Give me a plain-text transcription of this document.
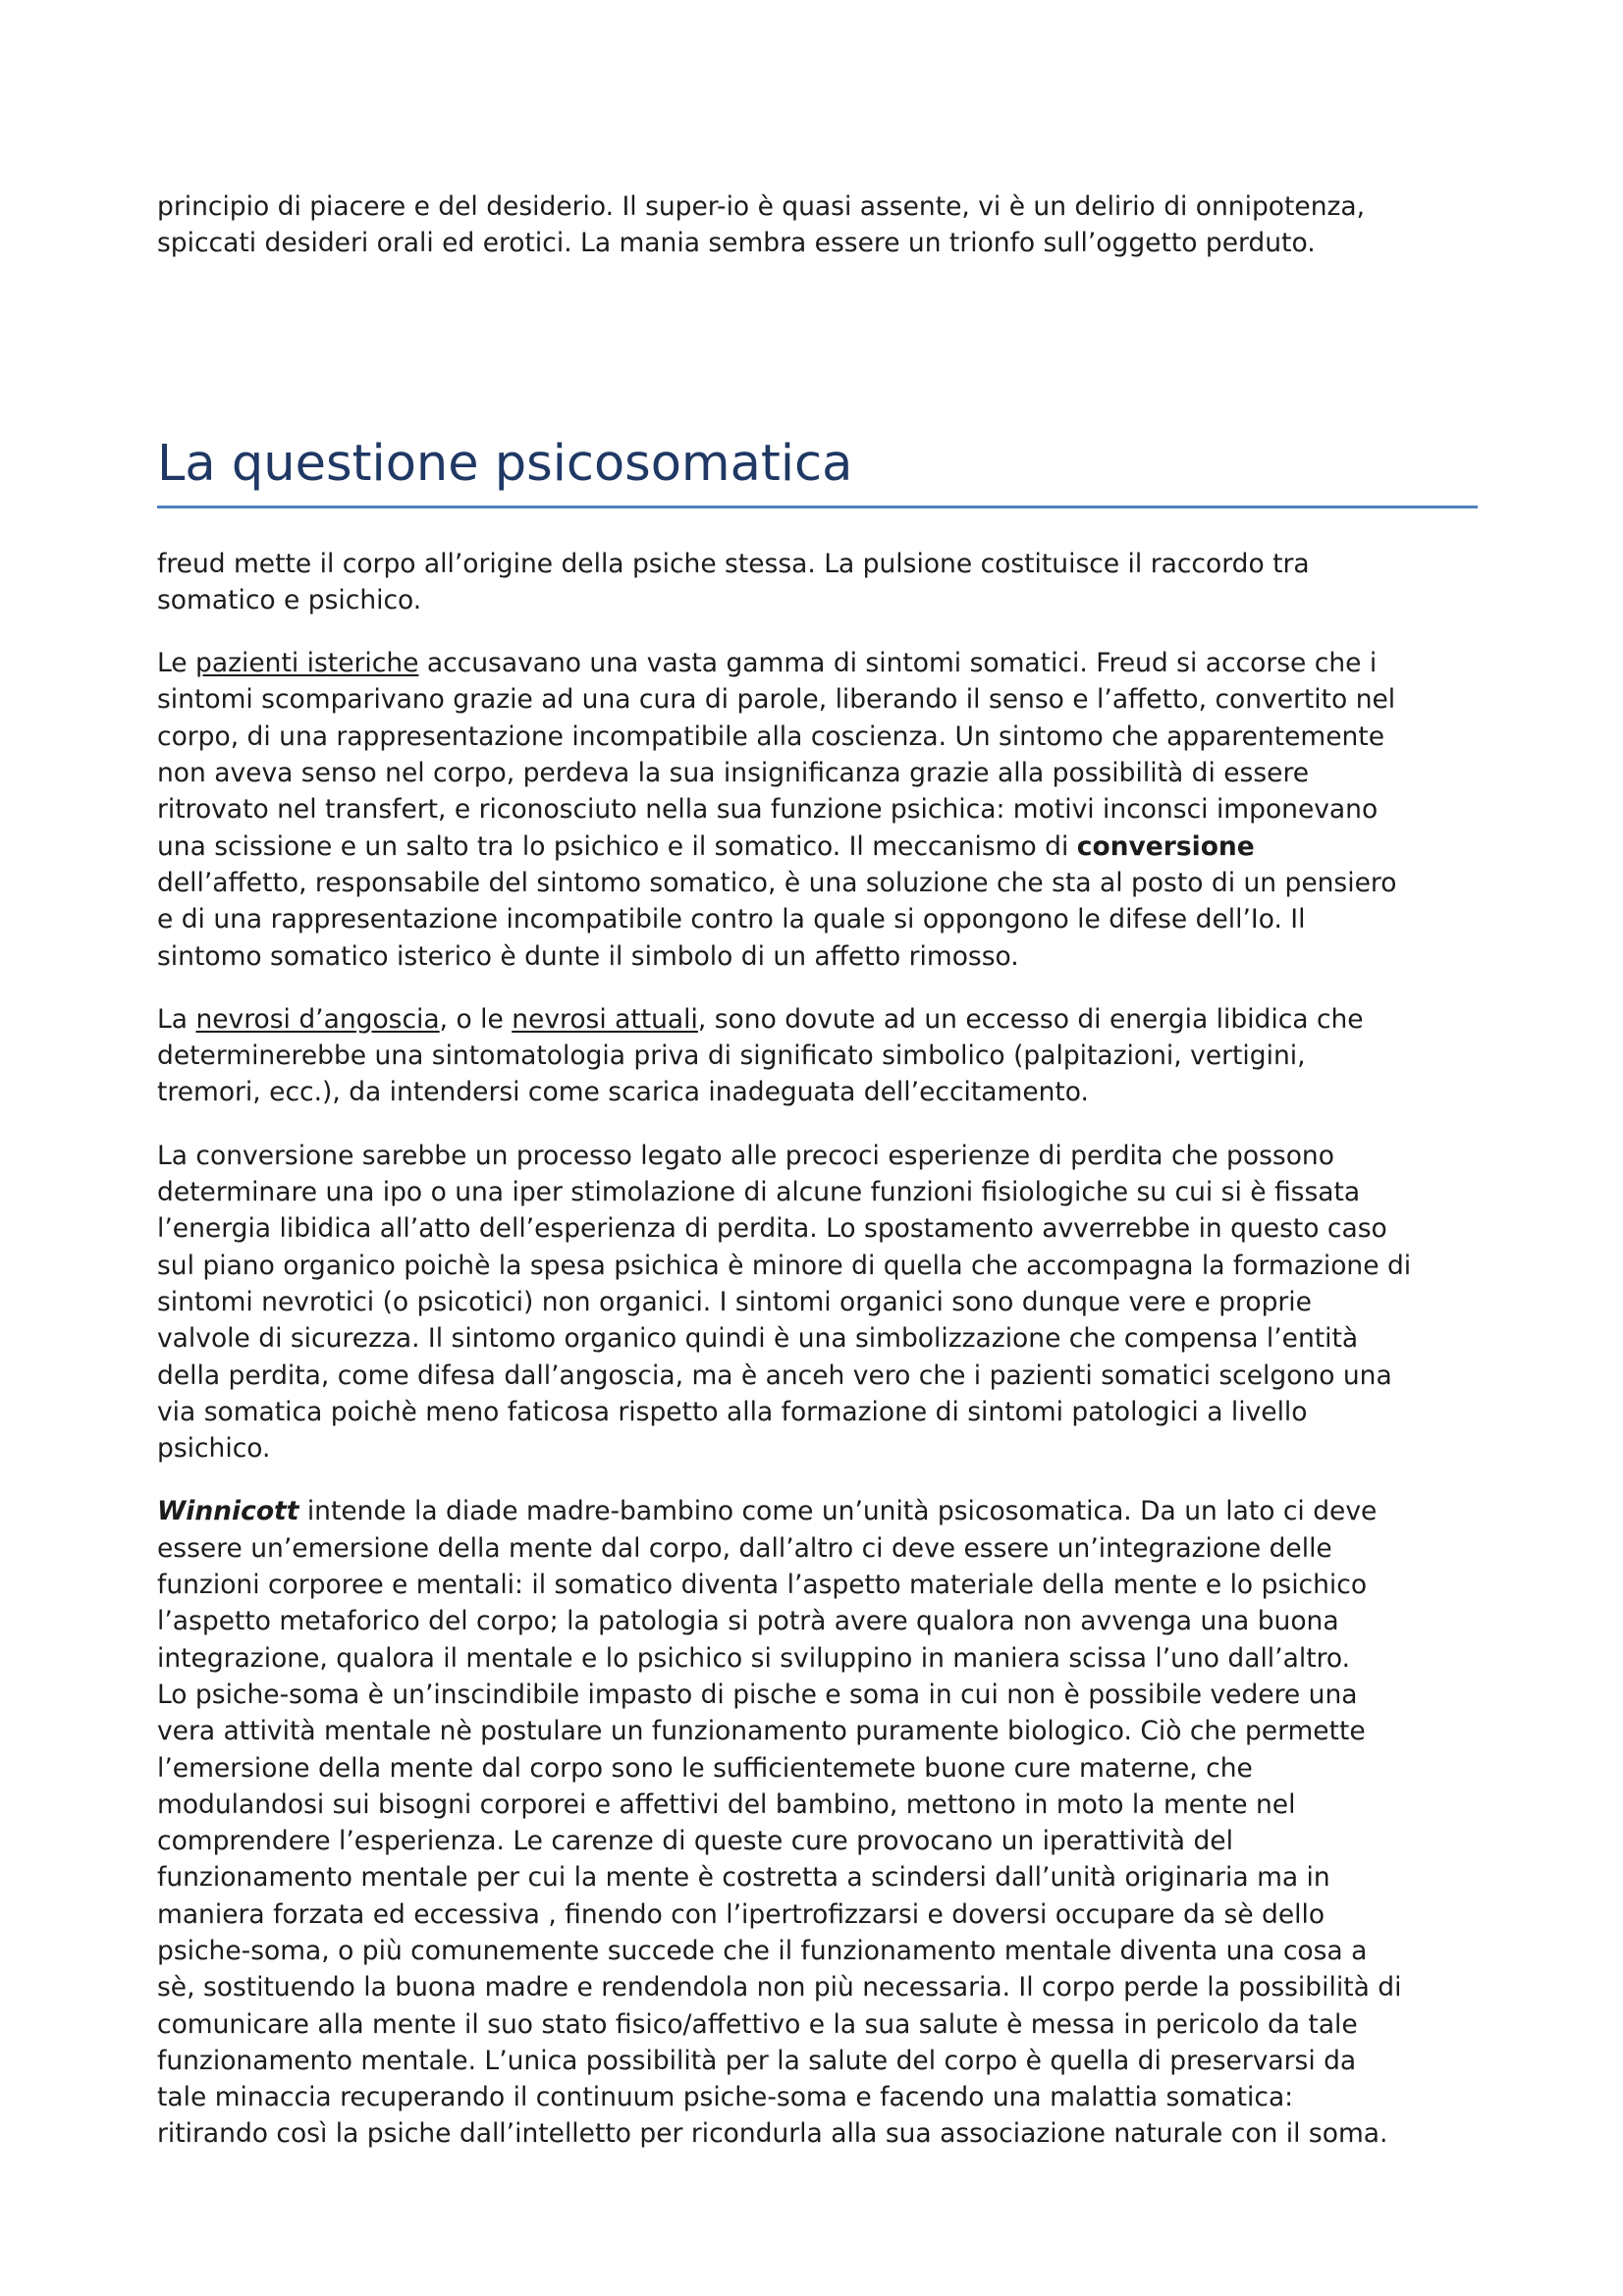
principio di piacere e del desiderio. Il super-io è quasi assente, vi è un delirio di onnipotenza,
spiccati desideri orali ed erotici. La mania sembra essere un trionfo sull’oggetto perduto.
La questione psicosomatica
freud mette il corpo all’origine della psiche stessa. La pulsione costituisce il raccordo tra
somatico e psichico.
Le pazienti isteriche accusavano una vasta gamma di sintomi somatici. Freud si accorse che i
sintomi scomparivano grazie ad una cura di parole, liberando il senso e l’affetto, convertito nel
corpo, di una rappresentazione incompatibile alla coscienza. Un sintomo che apparentemente
non aveva senso nel corpo, perdeva la sua insignificanza grazie alla possibilità di essere
ritrovato nel transfert, e riconosciuto nella sua funzione psichica: motivi inconsci imponevano
una scissione e un salto tra lo psichico e il somatico. Il meccanismo di conversione
dell’affetto, responsabile del sintomo somatico, è una soluzione che sta al posto di un pensiero
e di una rappresentazione incompatibile contro la quale si oppongono le difese dell’Io. Il
sintomo somatico isterico è dunte il simbolo di un affetto rimosso.
La nevrosi d’angoscia, o le nevrosi attuali, sono dovute ad un eccesso di energia libidica che
determinerebbe una sintomatologia priva di significato simbolico (palpitazioni, vertigini,
tremori, ecc.), da intendersi come scarica inadeguata dell’eccitamento.
La conversione sarebbe un processo legato alle precoci esperienze di perdita che possono
determinare una ipo o una iper stimolazione di alcune funzioni fisiologiche su cui si è fissata
l’energia libidica all’atto dell’esperienza di perdita. Lo spostamento avverrebbe in questo caso
sul piano organico poichè la spesa psichica è minore di quella che accompagna la formazione di
sintomi nevrotici (o psicotici) non organici. I sintomi organici sono dunque vere e proprie
valvole di sicurezza. Il sintomo organico quindi è una simbolizzazione che compensa l’entità
della perdita, come difesa dall’angoscia, ma è anceh vero che i pazienti somatici scelgono una
via somatica poichè meno faticosa rispetto alla formazione di sintomi patologici a livello
psichico.
Winnicott intende la diade madre-bambino come un’unità psicosomatica. Da un lato ci deve
essere un’emersione della mente dal corpo, dall’altro ci deve essere un’integrazione delle
funzioni corporee e mentali: il somatico diventa l’aspetto materiale della mente e lo psichico
l’aspetto metaforico del corpo; la patologia si potrà avere qualora non avvenga una buona
integrazione, qualora il mentale e lo psichico si sviluppino in maniera scissa l’uno dall’altro.
Lo psiche-soma è un’inscindibile impasto di pische e soma in cui non è possibile vedere una
vera attività mentale nè postulare un funzionamento puramente biologico. Ciò che permette
l’emersione della mente dal corpo sono le sufficientemete buone cure materne, che
modulandosi sui bisogni corporei e affettivi del bambino, mettono in moto la mente nel
comprendere l’esperienza. Le carenze di queste cure provocano un iperattività del
funzionamento mentale per cui la mente è costretta a scindersi dall’unità originaria ma in
maniera forzata ed eccessiva , finendo con l’ipertrofizzarsi e doversi occupare da sè dello
psiche-soma, o più comunemente succede che il funzionamento mentale diventa una cosa a
sè, sostituendo la buona madre e rendendola non più necessaria. Il corpo perde la possibilità di
comunicare alla mente il suo stato fisico/affettivo e la sua salute è messa in pericolo da tale
funzionamento mentale. L’unica possibilità per la salute del corpo è quella di preservarsi da
tale minaccia recuperando il continuum psiche-soma e facendo una malattia somatica:
ritirando così la psiche dall’intelletto per ricondurla alla sua associazione naturale con il soma.
